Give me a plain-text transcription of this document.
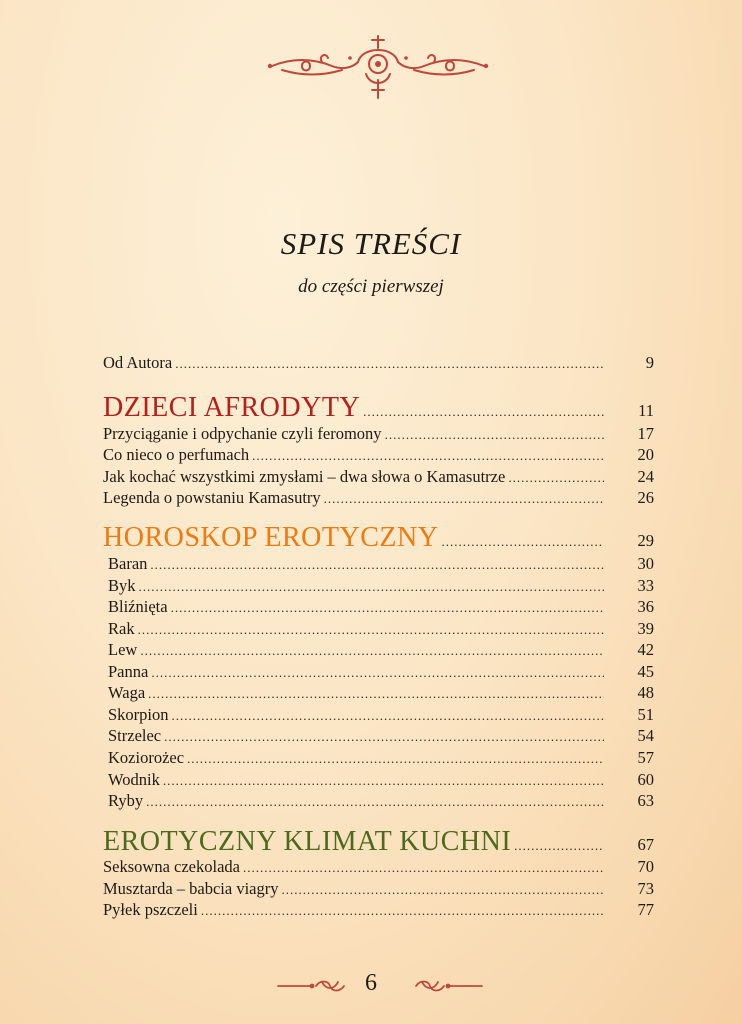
SPIS TREŚCI
do części pierwszej
Od Autora .....	9
DZIECI AFRODYTY .....	11
Przyciąganie i odpychanie czyli feromony .....	17
Co nieco o perfumach .....	20
Jak kochać wszystkimi zmysłami – dwa słowa o Kamasutrze .....	24
Legenda o powstaniu Kamasutry .....	26
HOROSKOP EROTYCZNY .....	29
Baran .....	30
Byk .....	33
Bliźnięta .....	36
Rak .....	39
Lew .....	42
Panna .....	45
Waga .....	48
Skorpion .....	51
Strzelec .....	54
Koziorożec .....	57
Wodnik .....	60
Ryby .....	63
EROTYCZNY KLIMAT KUCHNI .....	67
Seksowna czekolada .....	70
Musztarda – babcia viagry .....	73
Pyłek pszczeli .....	77
6
